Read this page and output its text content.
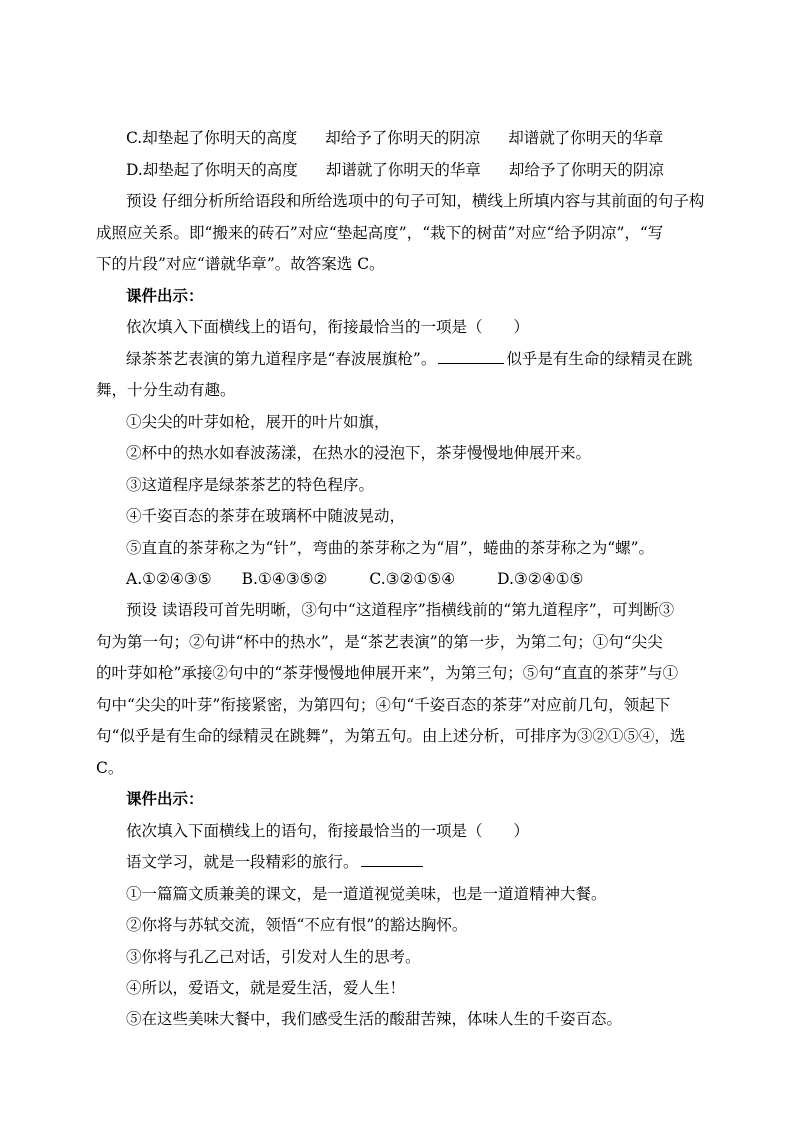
C.却垫起了你明天的高度 却给予了你明天的阴凉 却谱就了你明天的华章
D.却垫起了你明天的高度 却谱就了你明天的华章 却给予了你明天的阴凉
预设 仔细分析所给语段和所给选项中的句子可知，横线上所填内容与其前面的句子构
成照应关系。即“搬来的砖石”对应“垫起高度”，“栽下的树苗”对应“给予阴凉”，“写
下的片段”对应“谱就华章”。故答案选 C。
课件出示：
依次填入下面横线上的语句，衔接最恰当的一项是（　　）
绿茶茶艺表演的第九道程序是“春波展旗枪”。	似乎是有生命的绿精灵在跳
舞，十分生动有趣。
①尖尖的叶芽如枪，展开的叶片如旗，
②杯中的热水如春波荡漾，在热水的浸泡下，茶芽慢慢地伸展开来。
③这道程序是绿茶茶艺的特色程序。
④千姿百态的茶芽在玻璃杯中随波晃动，
⑤直直的茶芽称之为“针”，弯曲的茶芽称之为“眉”，蜷曲的茶芽称之为“螺”。
A.①②④③⑤ B.①④③⑤②	C.③②①⑤④	D.③②④①⑤
预设 读语段可首先明晰，③句中“这道程序”指横线前的“第九道程序”，可判断③
句为第一句；②句讲“杯中的热水”，是“茶艺表演”的第一步，为第二句；①句“尖尖
的叶芽如枪”承接②句中的“茶芽慢慢地伸展开来”，为第三句；⑤句“直直的茶芽”与①
句中“尖尖的叶芽”衔接紧密，为第四句；④句“千姿百态的茶芽”对应前几句，领起下
句“似乎是有生命的绿精灵在跳舞”，为第五句。由上述分析，可排序为③②①⑤④，选
C。
课件出示：
依次填入下面横线上的语句，衔接最恰当的一项是（　　）
语文学习，就是一段精彩的旅行。
①一篇篇文质兼美的课文，是一道道视觉美味，也是一道道精神大餐。
②你将与苏轼交流，领悟“不应有恨”的豁达胸怀。
③你将与孔乙己对话，引发对人生的思考。
④所以，爱语文，就是爱生活，爱人生！
⑤在这些美味大餐中，我们感受生活的酸甜苦辣，体味人生的千姿百态。
